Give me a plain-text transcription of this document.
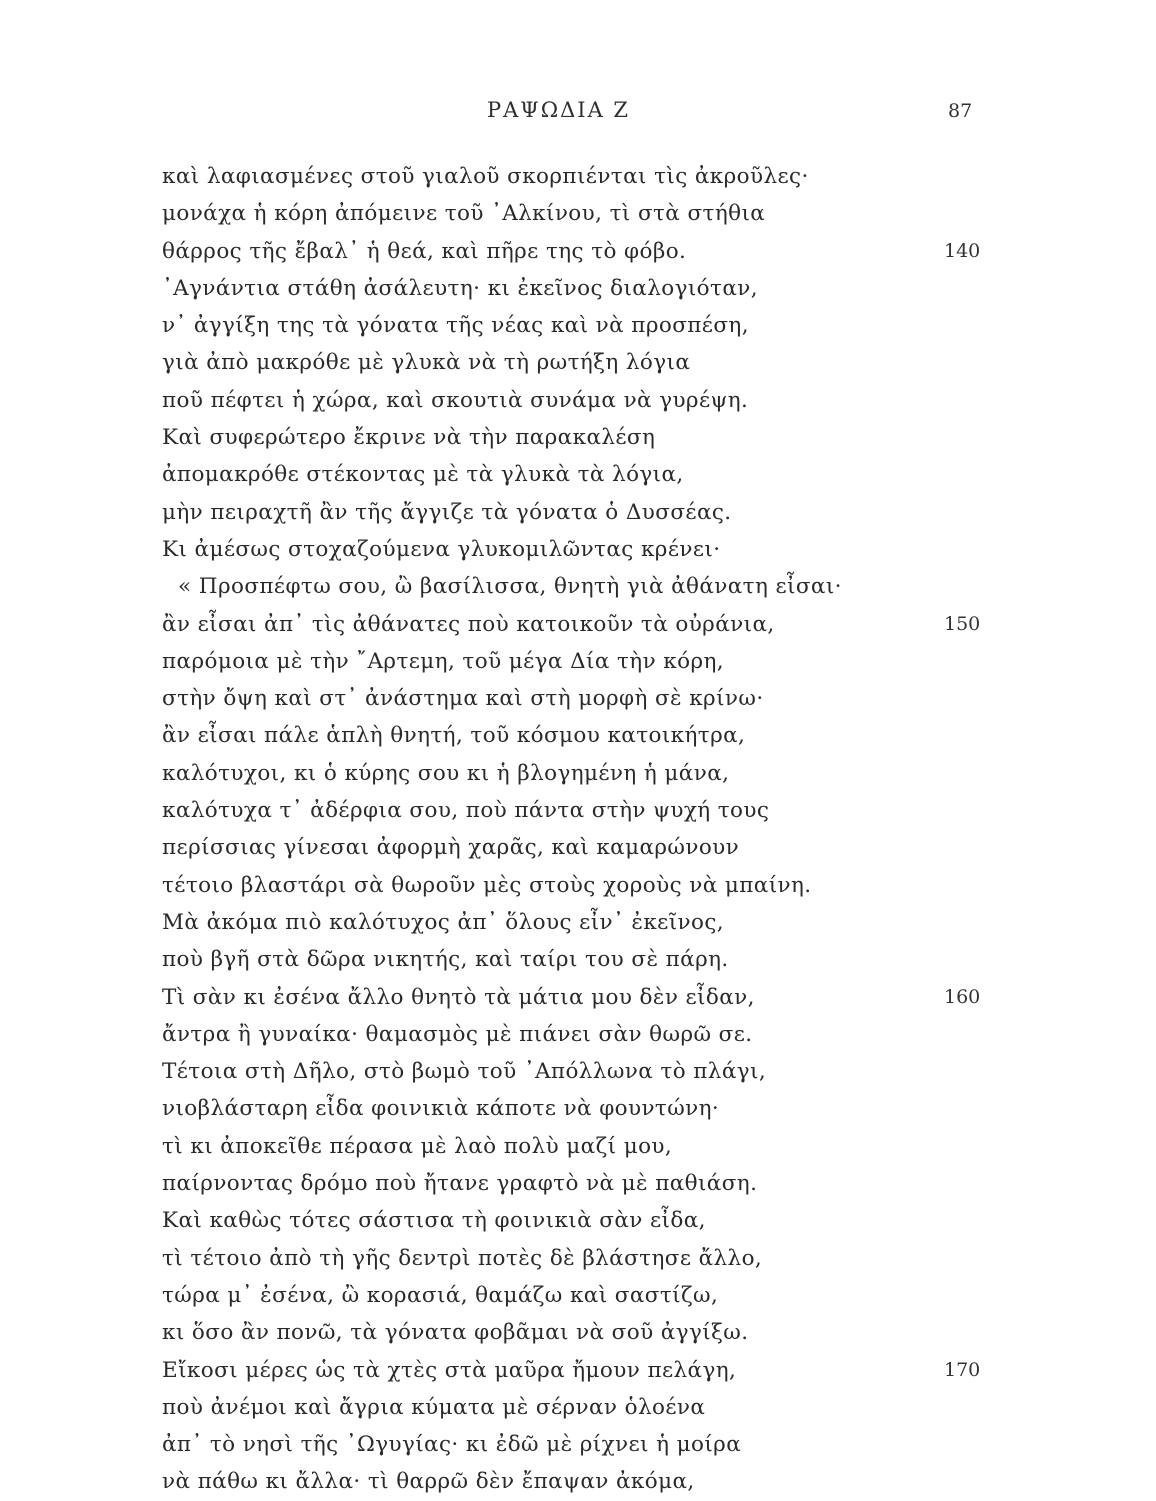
ΡΑΨΩΔΙΑ Ζ	87
καὶ λαφιασμένες στοῦ γιαλοῦ σκορπιένται τὶς ἀκροῦλες·
μονάχα ἡ κόρη ἀπόμεινε τοῦ ᾿Αλκίνου, τὶ στὰ στήθια
θάρρος τῆς ἔβαλ᾿ ἡ θεά, καὶ πῆρε της τὸ φόβο.	140
᾿Αγνάντια στάθη ἀσάλευτη· κι ἐκεῖνος διαλογιόταν,
ν᾿ ἀγγίξη της τὰ γόνατα τῆς νέας καὶ νὰ προσπέση,
γιὰ ἀπὸ μακρόθε μὲ γλυκὰ νὰ τὴ ρωτήξη λόγια
ποῦ πέφτει ἡ χώρα, καὶ σκουτιὰ συνάμα νὰ γυρέψη.
Καὶ συφερώτερο ἔκρινε νὰ τὴν παρακαλέση
ἀπομακρόθε στέκοντας μὲ τὰ γλυκὰ τὰ λόγια,
μὴν πειραχτῆ ἂν τῆς ἄγγιζε τὰ γόνατα ὁ Δυσσέας.
Κι ἀμέσως στοχαζούμενα γλυκομιλῶντας κρένει·
« Προσπέφτω σου, ὢ βασίλισσα, θνητὴ γιὰ ἀθάνατη εἶσαι·
ἂν εἶσαι ἀπ᾿ τὶς ἀθάνατες ποὺ κατοικοῦν τὰ οὐράνια,	150
παρόμοια μὲ τὴν ῎Αρτεμη, τοῦ μέγα Δία τὴν κόρη,
στὴν ὄψη καὶ στ᾿ ἀνάστημα καὶ στὴ μορφὴ σὲ κρίνω·
ἂν εἶσαι πάλε ἁπλὴ θνητή, τοῦ κόσμου κατοικήτρα,
καλότυχοι, κι ὁ κύρης σου κι ἡ βλογημένη ἡ μάνα,
καλότυχα τ᾿ ἀδέρφια σου, ποὺ πάντα στὴν ψυχή τους
περίσσιας γίνεσαι ἀφορμὴ χαρᾶς, καὶ καμαρώνουν
τέτοιο βλαστάρι σὰ θωροῦν μὲς στοὺς χοροὺς νὰ μπαίνη.
Μὰ ἀκόμα πιὸ καλότυχος ἀπ᾿ ὅλους εἶν᾿ ἐκεῖνος,
ποὺ βγῆ στὰ δῶρα νικητής, καὶ ταίρι του σὲ πάρη.
Τὶ σὰν κι ἐσένα ἄλλο θνητὸ τὰ μάτια μου δὲν εἶδαν,	160
ἄντρα ἢ γυναίκα· θαμασμὸς μὲ πιάνει σὰν θωρῶ σε.
Τέτοια στὴ Δῆλο, στὸ βωμὸ τοῦ ᾿Απόλλωνα τὸ πλάγι,
νιοβλάσταρη εἶδα φοινικιὰ κάποτε νὰ φουντώνη·
τὶ κι ἀποκεῖθε πέρασα μὲ λαὸ πολὺ μαζί μου,
παίρνοντας δρόμο ποὺ ἤτανε γραφτὸ νὰ μὲ παθιάση.
Καὶ καθὼς τότες σάστισα τὴ φοινικιὰ σὰν εἶδα,
τὶ τέτοιο ἀπὸ τὴ γῆς δεντρὶ ποτὲς δὲ βλάστησε ἄλλο,
τώρα μ᾿ ἐσένα, ὢ κορασιά, θαμάζω καὶ σαστίζω,
κι ὅσο ἂν πονῶ, τὰ γόνατα φοβᾶμαι νὰ σοῦ ἀγγίξω.
Εἴκοσι μέρες ὡς τὰ χτὲς στὰ μαῦρα ἤμουν πελάγη,	170
ποὺ ἀνέμοι καὶ ἄγρια κύματα μὲ σέρναν ὁλοένα
ἀπ᾿ τὸ νησὶ τῆς ᾿Ωγυγίας· κι ἐδῶ μὲ ρίχνει ἡ μοίρα
νὰ πάθω κι ἄλλα· τὶ θαρρῶ δὲν ἔπαψαν ἀκόμα,
